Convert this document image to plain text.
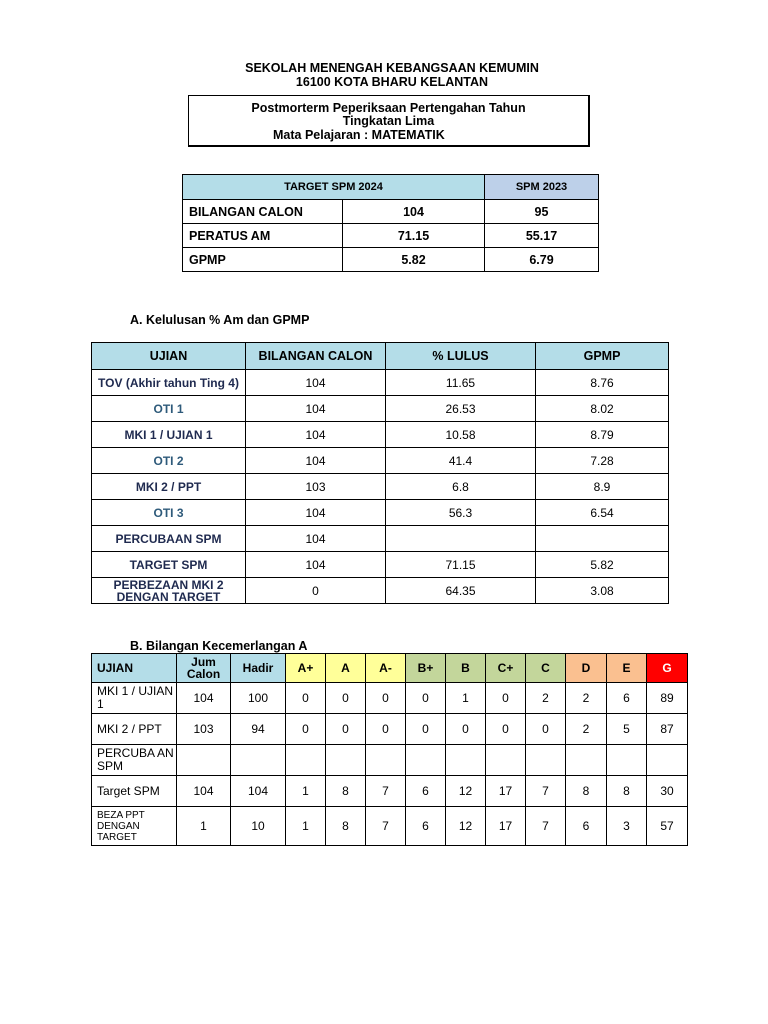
SEKOLAH MENENGAH KEBANGSAAN KEMUMIN
16100 KOTA BHARU KELANTAN
Postmorterm Peperiksaan Pertengahan Tahun
Tingkatan Lima
Mata Pelajaran : MATEMATIK
TARGET SPM 2024		SPM 2023
BILANGAN CALON	104	95
PERATUS AM	71.15	55.17
GPMP	5.82	6.79
A. Kelulusan % Am dan GPMP
UJIAN	BILANGAN CALON	% LULUS	GPMP
TOV (Akhir tahun Ting 4)	104	11.65	8.76
OTI 1	104	26.53	8.02
MKI 1 / UJIAN 1	104	10.58	8.79
OTI 2	104	41.4	7.28
MKI 2 / PPT	103	6.8	8.9
OTI 3	104	56.3	6.54
PERCUBAAN SPM	104		
TARGET SPM	104	71.15	5.82
PERBEZAAN MKI 2 DENGAN TARGET	0	64.35	3.08
B. Bilangan Kecemerlangan A
UJIAN	Jum Calon	Hadir	A+	A	A-	B+	B	C+	C	D	E	G
MKI 1 / UJIAN 1	104	100	0	0	0	0	1	0	2	2	6	89
MKI 2 / PPT	103	94	0	0	0	0	0	0	0	2	5	87
PERCUBA AN SPM												
Target SPM	104	104	1	8	7	6	12	17	7	8	8	30
BEZA PPT DENGAN TARGET	1	10	1	8	7	6	12	17	7	6	3	57
